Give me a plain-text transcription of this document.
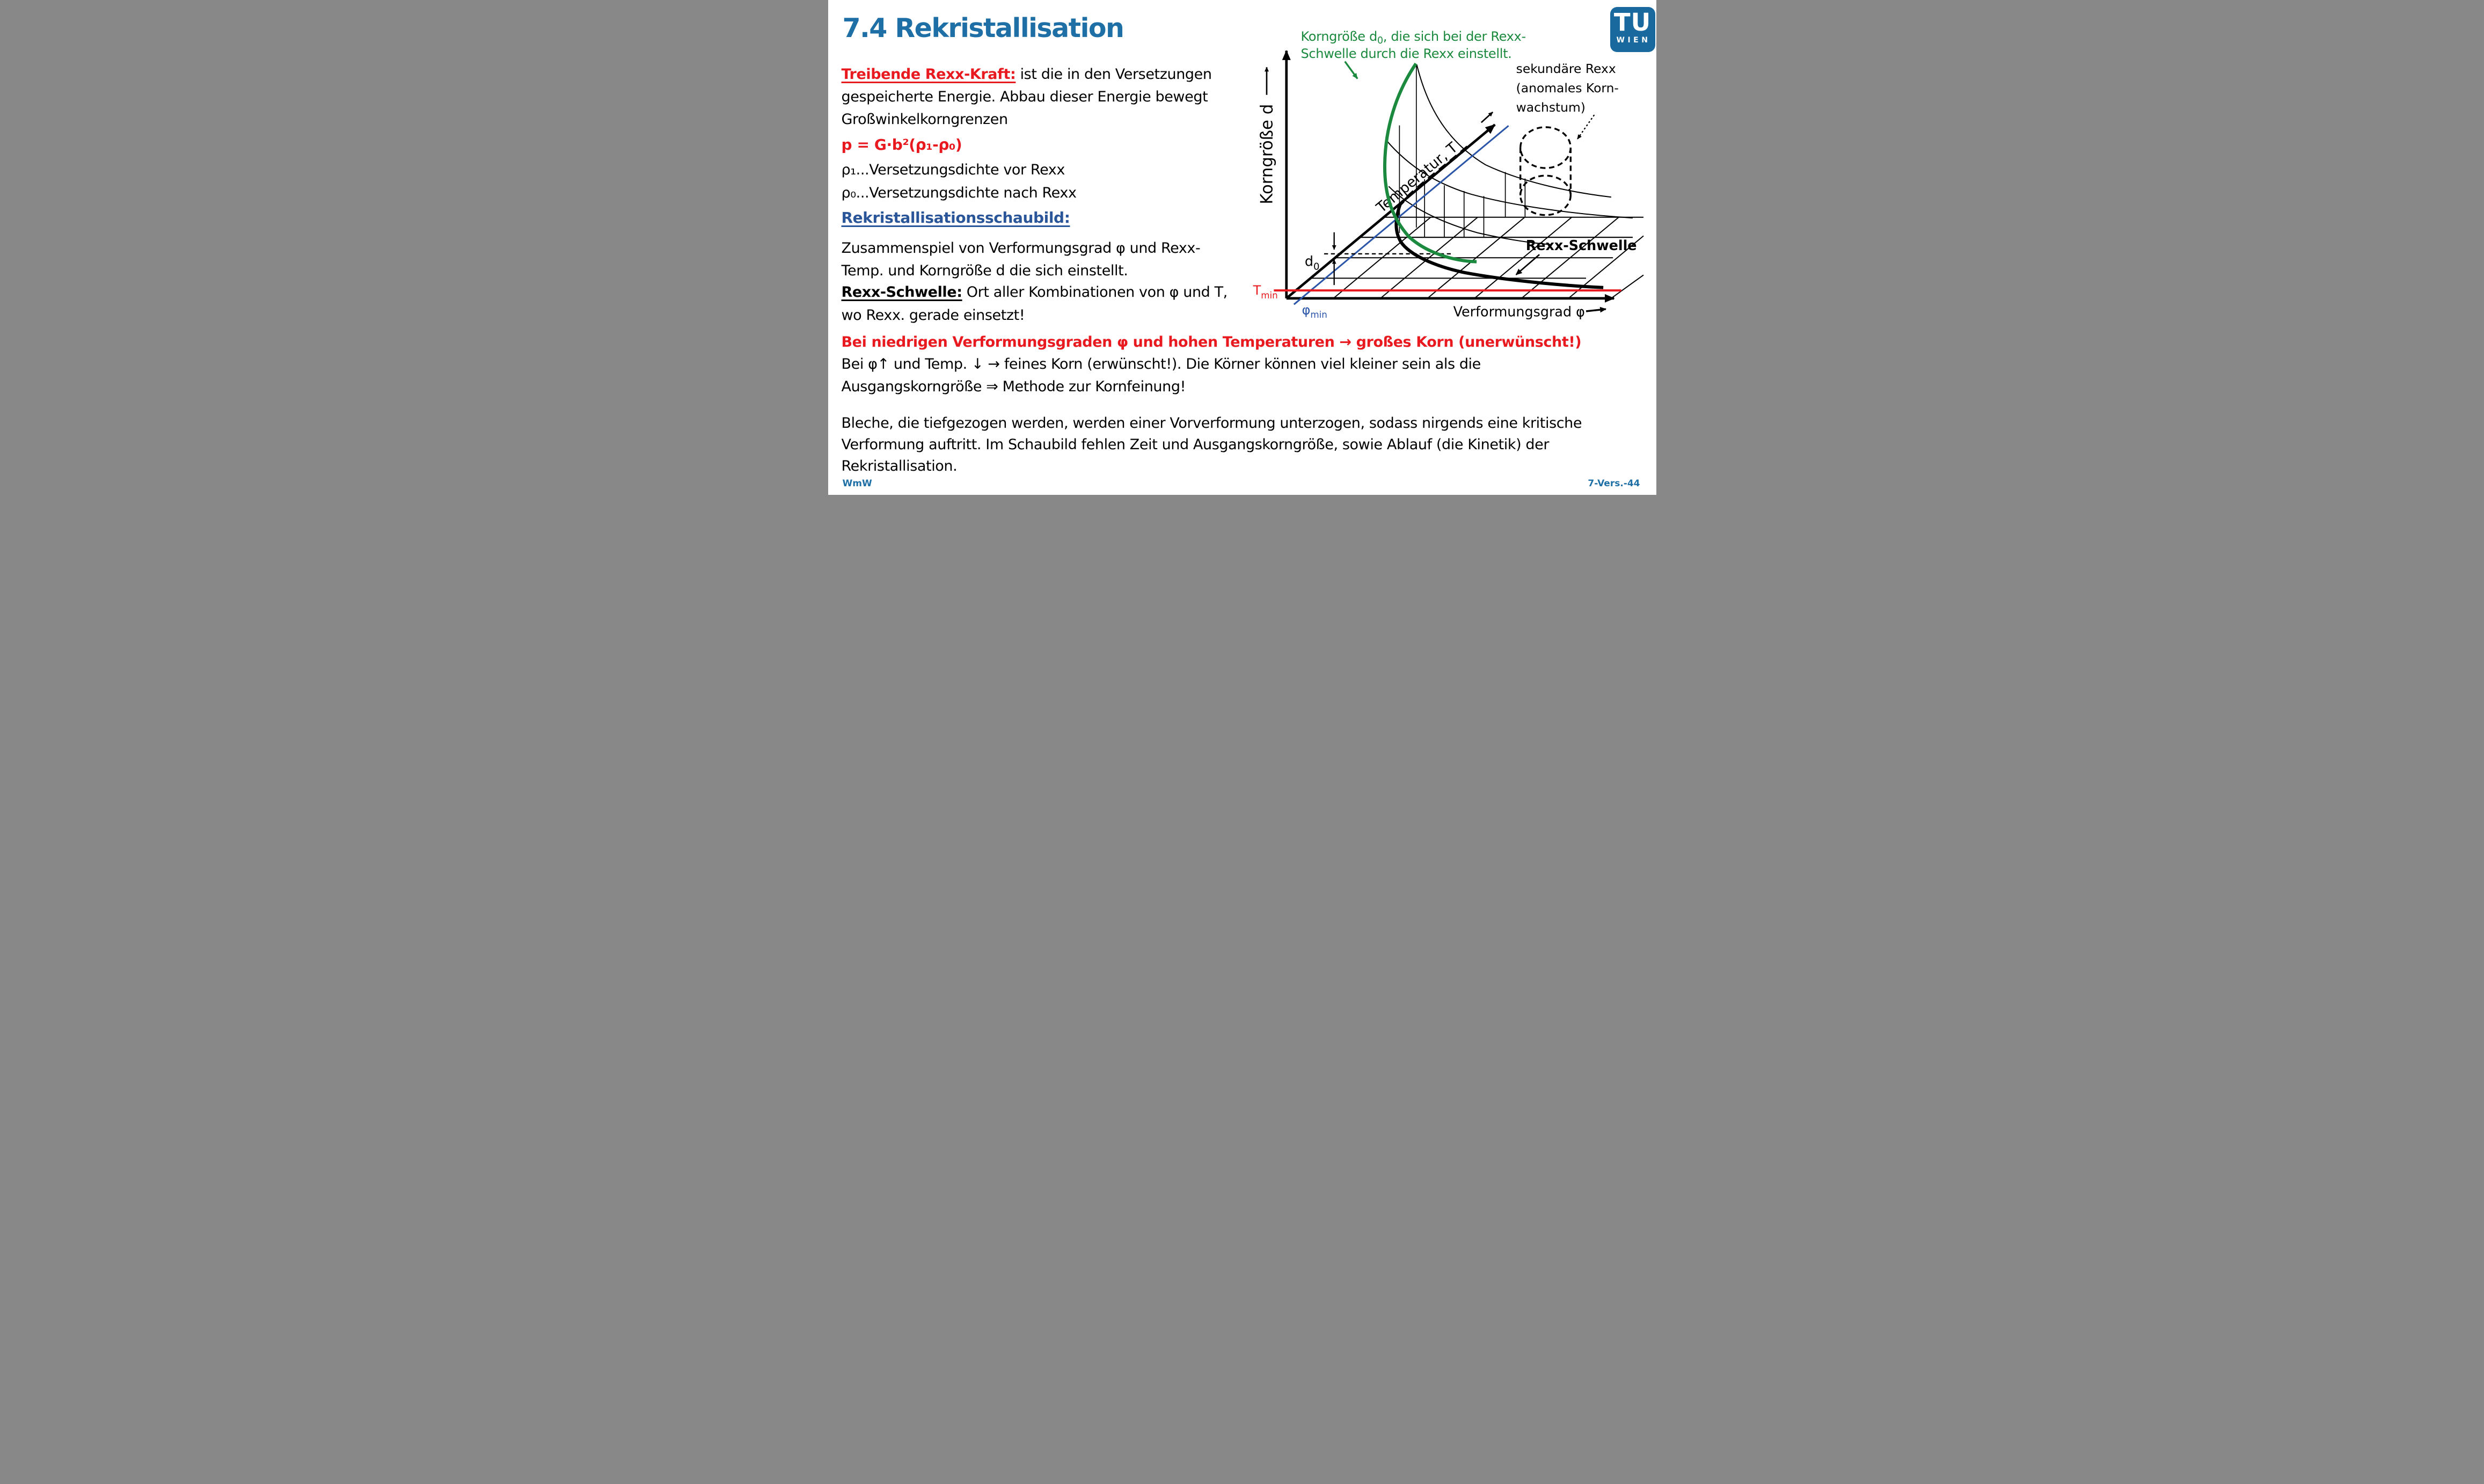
7.4 Rekristallisation	TU
WIEN
Treibende Rexx-Kraft: ist die in den Versetzungen
gespeicherte Energie. Abbau dieser Energie bewegt
Großwinkelkorngrenzen
p = G·b²(ρ₁-ρ₀)
ρ₁...Versetzungsdichte vor Rexx
ρ₀...Versetzungsdichte nach Rexx
Rekristallisationsschaubild:
Zusammenspiel von Verformungsgrad φ und Rexx-
Temp. und Korngröße d die sich einstellt.
Rexx-Schwelle: Ort aller Kombinationen von φ und T,
wo Rexx. gerade einsetzt!
Bei niedrigen Verformungsgraden φ und hohen Temperaturen → großes Korn (unerwünscht!)
Bei φ↑ und Temp. ↓ → feines Korn (erwünscht!). Die Körner können viel kleiner sein als die
Ausgangskorngröße ⇒ Methode zur Kornfeinung!
Bleche, die tiefgezogen werden, werden einer Vorverformung unterzogen, sodass nirgends eine kritische
Verformung auftritt. Im Schaubild fehlen Zeit und Ausgangskorngröße, sowie Ablauf (die Kinetik) der
Rekristallisation.
WmW	7-Vers.-44
Korngröße d
Verformungsgrad φ
Temperatur, T
$\varphi_{min}$
$T_{min}$
$d_0$
Korngröße $d_0$, die sich bei der Rexx-
Schwelle durch die Rexx einstellt.
sekundäre Rexx
(anomales Korn-
wachstum)
Rexx-Schwelle
